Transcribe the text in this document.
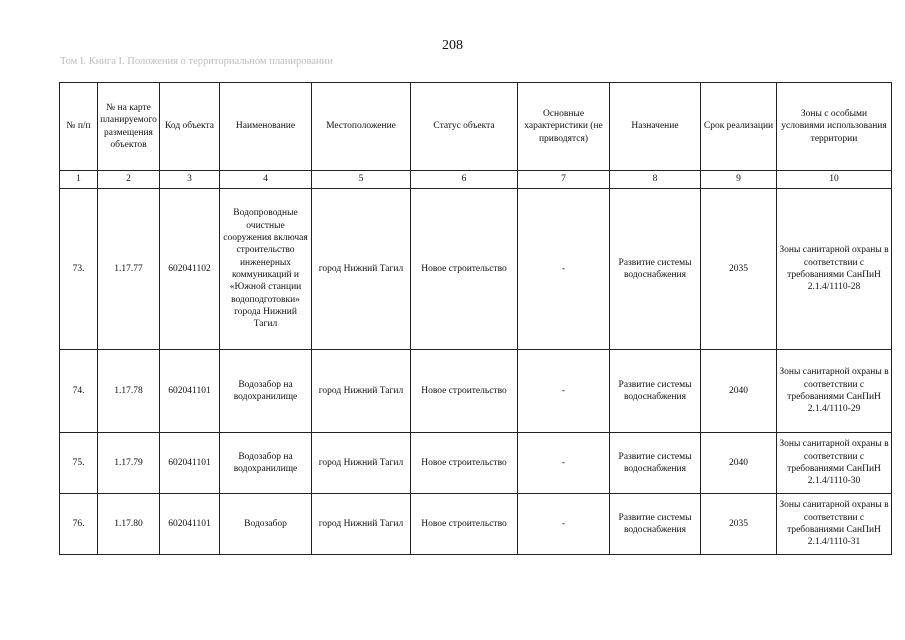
208
Том I. Книга I. Положения о территориальном планировании
№ п/п	№ на карте планируемого размещения объектов	Код объекта	Наименование	Местоположение	Статус объекта	Основные характеристики (не приводятся)	Назначение	Срок реализации	Зоны с особыми условиями использования территории
1	2	3	4	5	6	7	8	9	10
73.	1.17.77	602041102	Водопроводные очистные сооружения включая строительство инженерных коммуникаций и «Южной станции водоподготовки» города Нижний Тагил	город Нижний Тагил	Новое строительство	-	Развитие системы водоснабжения	2035	Зоны санитарной охраны в соответствии с требованиями СанПиН 2.1.4/1110-28
74.	1.17.78	602041101	Водозабор на водохранилище	город Нижний Тагил	Новое строительство	-	Развитие системы водоснабжения	2040	Зоны санитарной охраны в соответствии с требованиями СанПиН 2.1.4/1110-29
75.	1.17.79	602041101	Водозабор на водохранилище	город Нижний Тагил	Новое строительство	-	Развитие системы водоснабжения	2040	Зоны санитарной охраны в соответствии с требованиями СанПиН 2.1.4/1110-30
76.	1.17.80	602041101	Водозабор	город Нижний Тагил	Новое строительство	-	Развитие системы водоснабжения	2035	Зоны санитарной охраны в соответствии с требованиями СанПиН 2.1.4/1110-31
